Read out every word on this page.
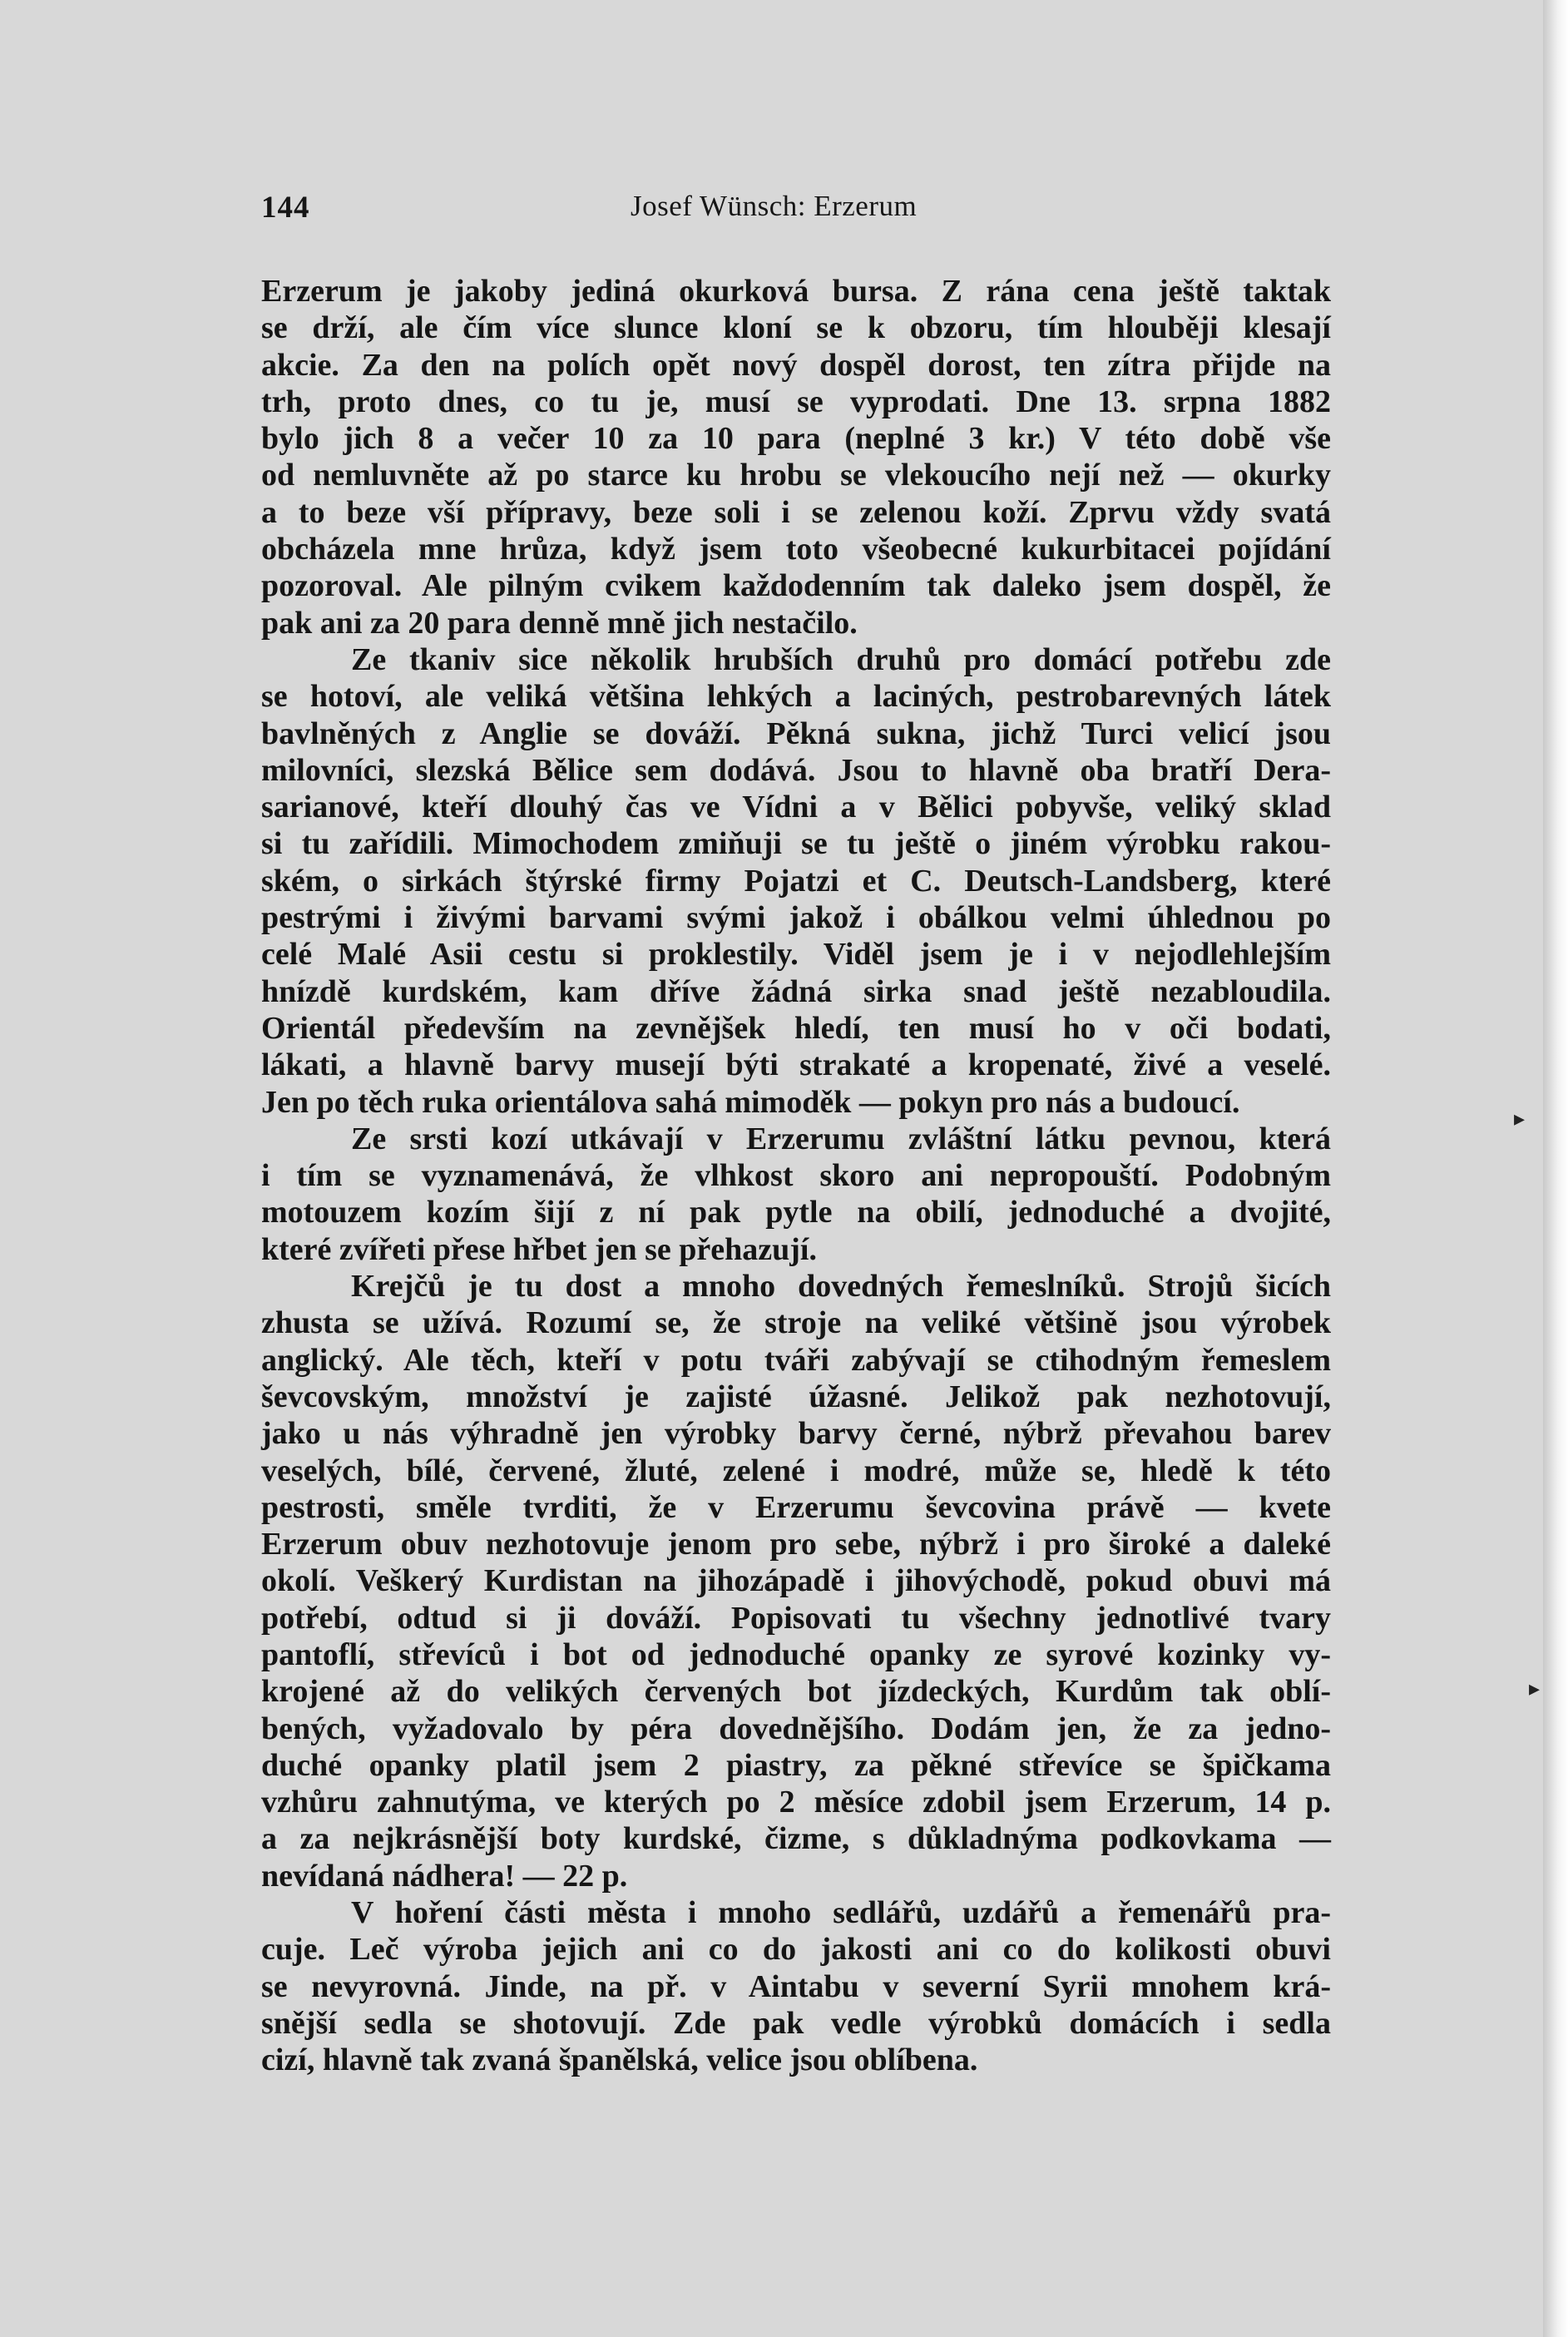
144	Josef Wünsch: Erzerum
Erzerum je jakoby jediná okurková bursa. Z rána cena ještě taktak
se drží, ale čím více slunce kloní se k obzoru, tím hlouběji klesají
akcie. Za den na polích opět nový dospěl dorost, ten zítra přijde na
trh, proto dnes, co tu je, musí se vyprodati. Dne 13. srpna 1882
bylo jich 8 a večer 10 za 10 para (neplné 3 kr.) V této době vše
od nemluvněte až po starce ku hrobu se vlekoucího nejí než — okurky
a to beze vší přípravy, beze soli i se zelenou koží. Zprvu vždy svatá
obcházela mne hrůza, když jsem toto všeobecné kukurbitacei pojídání
pozoroval. Ale pilným cvikem každodenním tak daleko jsem dospěl, že
pak ani za 20 para denně mně jich nestačilo.
Ze tkaniv sice několik hrubších druhů pro domácí potřebu zde
se hotoví, ale veliká většina lehkých a laciných, pestrobarevných látek
bavlněných z Anglie se dováží. Pěkná sukna, jichž Turci velicí jsou
milovníci, slezská Bělice sem dodává. Jsou to hlavně oba bratří Dera-
sarianové, kteří dlouhý čas ve Vídni a v Bělici pobyvše, veliký sklad
si tu zařídili. Mimochodem zmiňuji se tu ještě o jiném výrobku rakou-
ském, o sirkách štýrské firmy Pojatzi et C. Deutsch-Landsberg, které
pestrými i živými barvami svými jakož i obálkou velmi úhlednou po
celé Malé Asii cestu si proklestily. Viděl jsem je i v nejodlehlejším
hnízdě kurdském, kam dříve žádná sirka snad ještě nezabloudila.
Orientál především na zevnějšek hledí, ten musí ho v oči bodati,
lákati, a hlavně barvy musejí býti strakaté a kropenaté, živé a veselé.
Jen po těch ruka orientálova sahá mimoděk — pokyn pro nás a budoucí.
Ze srsti kozí utkávají v Erzerumu zvláštní látku pevnou, která
i tím se vyznamenává, že vlhkost skoro ani nepropouští. Podobným
motouzem kozím šijí z ní pak pytle na obilí, jednoduché a dvojité,
které zvířeti přese hřbet jen se přehazují.
Krejčů je tu dost a mnoho dovedných řemeslníků. Strojů šicích
zhusta se užívá. Rozumí se, že stroje na veliké většině jsou výrobek
anglický. Ale těch, kteří v potu tváři zabývají se ctihodným řemeslem
ševcovským, množství je zajisté úžasné. Jelikož pak nezhotovují,
jako u nás výhradně jen výrobky barvy černé, nýbrž převahou barev
veselých, bílé, červené, žluté, zelené i modré, může se, hledě k této
pestrosti, směle tvrditi, že v Erzerumu ševcovina právě — kvete
Erzerum obuv nezhotovuje jenom pro sebe, nýbrž i pro široké a daleké
okolí. Veškerý Kurdistan na jihozápadě i jihovýchodě, pokud obuvi má
potřebí, odtud si ji dováží. Popisovati tu všechny jednotlivé tvary
pantoflí, střevíců i bot od jednoduché opanky ze syrové kozinky vy-
krojené až do velikých červených bot jízdeckých, Kurdům tak oblí-
bených, vyžadovalo by péra dovednějšího. Dodám jen, že za jedno-
duché opanky platil jsem 2 piastry, za pěkné střevíce se špičkama
vzhůru zahnutýma, ve kterých po 2 měsíce zdobil jsem Erzerum, 14 p.
a za nejkrásnější boty kurdské, čizme, s důkladnýma podkovkama —
nevídaná nádhera! — 22 p.
V hoření části města i mnoho sedlářů, uzdářů a řemenářů pra-
cuje. Leč výroba jejich ani co do jakosti ani co do kolikosti obuvi
se nevyrovná. Jinde, na př. v Aintabu v severní Syrii mnohem krá-
snější sedla se shotovují. Zde pak vedle výrobků domácích i sedla
cizí, hlavně tak zvaná španělská, velice jsou oblíbena.
▸
▸
